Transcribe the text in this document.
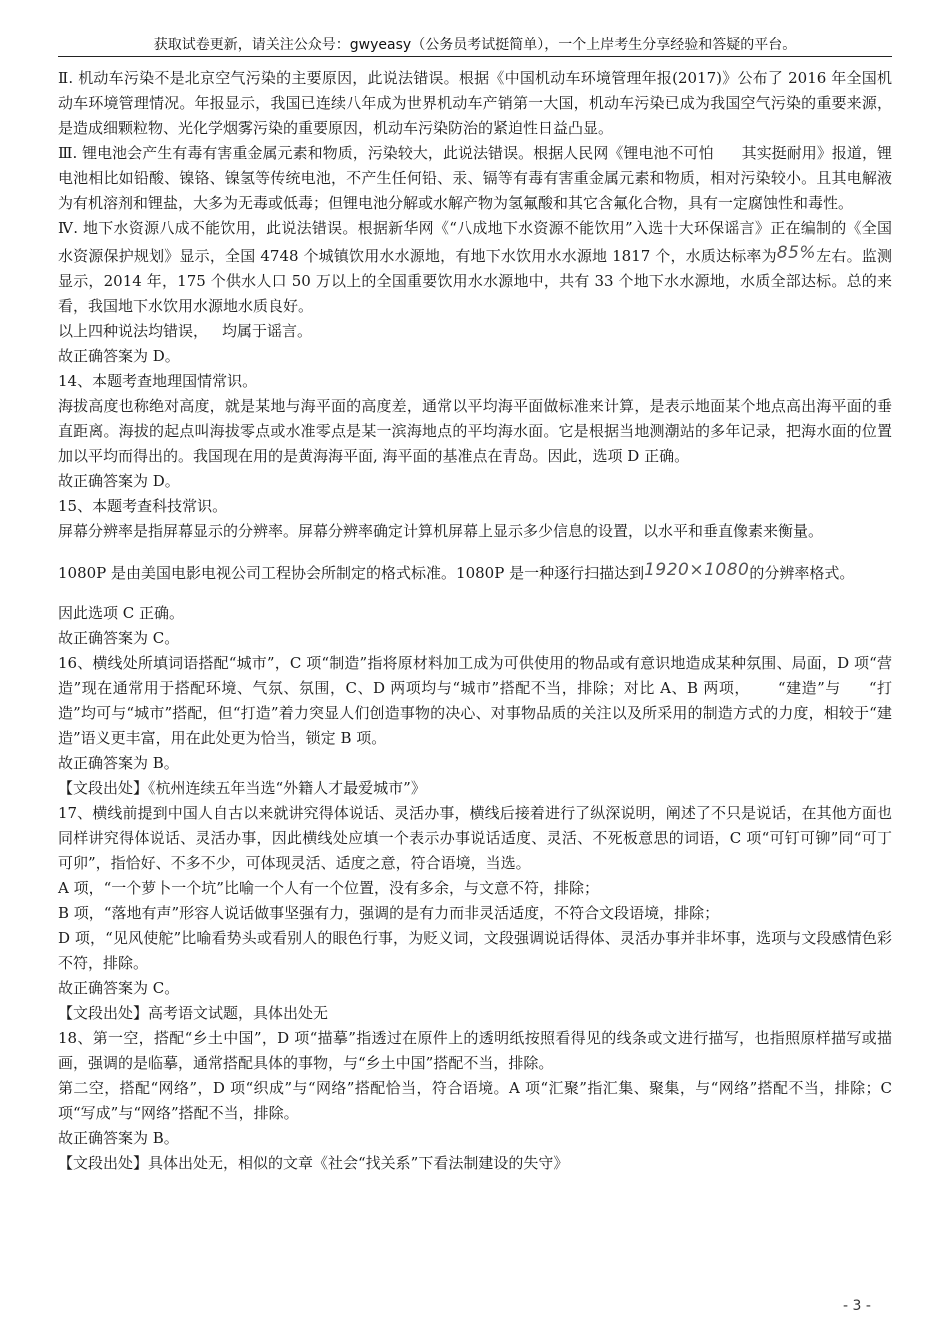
获取试卷更新，请关注公众号：gwyeasy（公务员考试挺简单），一个上岸考生分享经验和答疑的平台。

Ⅱ. 机动车污染不是北京空气污染的主要原因，此说法错误。根据《中国机动车环境管理年报(2017)》公布了 2016 年全国机动车环境管理情况。年报显示，我国已连续八年成为世界机动车产销第一大国，机动车污染已成为我国空气污染的重要来源，是造成细颗粒物、光化学烟雾污染的重要原因，机动车污染防治的紧迫性日益凸显。

Ⅲ. 锂电池会产生有毒有害重金属元素和物质，污染较大，此说法错误。根据人民网《锂电池不可怕 其实挺耐用》报道，锂电池相比如铅酸、镍铬、镍氢等传统电池，不产生任何铅、汞、镉等有毒有害重金属元素和物质，相对污染较小。且其电解液为有机溶剂和锂盐，大多为无毒或低毒；但锂电池分解或水解产物为氢氟酸和其它含氟化合物，具有一定腐蚀性和毒性。

Ⅳ. 地下水资源八成不能饮用，此说法错误。根据新华网《“八成地下水资源不能饮用”入选十大环保谣言》正在编制的《全国水资源保护规划》显示，全国 4748 个城镇饮用水水源地，有地下水饮用水水源地 1817 个，水质达标率为85%左右。监测显示，2014 年，175 个供水人口 50 万以上的全国重要饮用水水源地中，共有 33 个地下水水源地，水质全部达标。总的来看，我国地下水饮用水源地水质良好。

以上四种说法均错误， 均属于谣言。

故正确答案为 D。

14、本题考查地理国情常识。

海拔高度也称绝对高度，就是某地与海平面的高度差，通常以平均海平面做标准来计算，是表示地面某个地点高出海平面的垂直距离。海拔的起点叫海拔零点或水准零点是某一滨海地点的平均海水面。它是根据当地测潮站的多年记录，把海水面的位置加以平均而得出的。我国现在用的是黄海海平面, 海平面的基准点在青岛。因此，选项 D 正确。

故正确答案为 D。

15、本题考查科技常识。

屏幕分辨率是指屏幕显示的分辨率。屏幕分辨率确定计算机屏幕上显示多少信息的设置，以水平和垂直像素来衡量。

1080P 是由美国电影电视公司工程协会所制定的格式标准。1080P 是一种逐行扫描达到1920×1080的分辨率格式。

因此选项 C 正确。

故正确答案为 C。

16、横线处所填词语搭配“城市”，C 项“制造”指将原材料加工成为可供使用的物品或有意识地造成某种氛围、局面，D 项“营造”现在通常用于搭配环境、气氛、氛围，C、D 两项均与“城市”搭配不当，排除；对比 A、B 两项， “建造”与 “打造”均可与“城市”搭配，但“打造”着力突显人们创造事物的决心、对事物品质的关注以及所采用的制造方式的力度，相较于“建造”语义更丰富，用在此处更为恰当，锁定 B 项。

故正确答案为 B。

【文段出处】《杭州连续五年当选“外籍人才最爱城市”》

17、横线前提到中国人自古以来就讲究得体说话、灵活办事，横线后接着进行了纵深说明，阐述了不只是说话，在其他方面也同样讲究得体说话、灵活办事，因此横线处应填一个表示办事说话适度、灵活、不死板意思的词语，C 项“可钉可铆”同“可丁可卯”，指恰好、不多不少，可体现灵活、适度之意，符合语境，当选。

A 项，“一个萝卜一个坑”比喻一个人有一个位置，没有多余，与文意不符，排除；

B 项，“落地有声”形容人说话做事坚强有力，强调的是有力而非灵活适度，不符合文段语境，排除；

D 项，“见风使舵”比喻看势头或看别人的眼色行事，为贬义词，文段强调说话得体、灵活办事并非坏事，选项与文段感情色彩不符，排除。

故正确答案为 C。

【文段出处】高考语文试题，具体出处无

18、第一空，搭配“乡土中国”，D 项“描摹”指透过在原件上的透明纸按照看得见的线条或文进行描写，也指照原样描写或描画，强调的是临摹，通常搭配具体的事物，与“乡土中国”搭配不当，排除。

第二空，搭配“网络”，D 项“织成”与“网络”搭配恰当，符合语境。A 项“汇聚”指汇集、聚集，与“网络”搭配不当，排除；C 项“写成”与“网络”搭配不当，排除。

故正确答案为 B。

【文段出处】具体出处无，相似的文章《社会“找关系”下看法制建设的失守》

- 3 -
